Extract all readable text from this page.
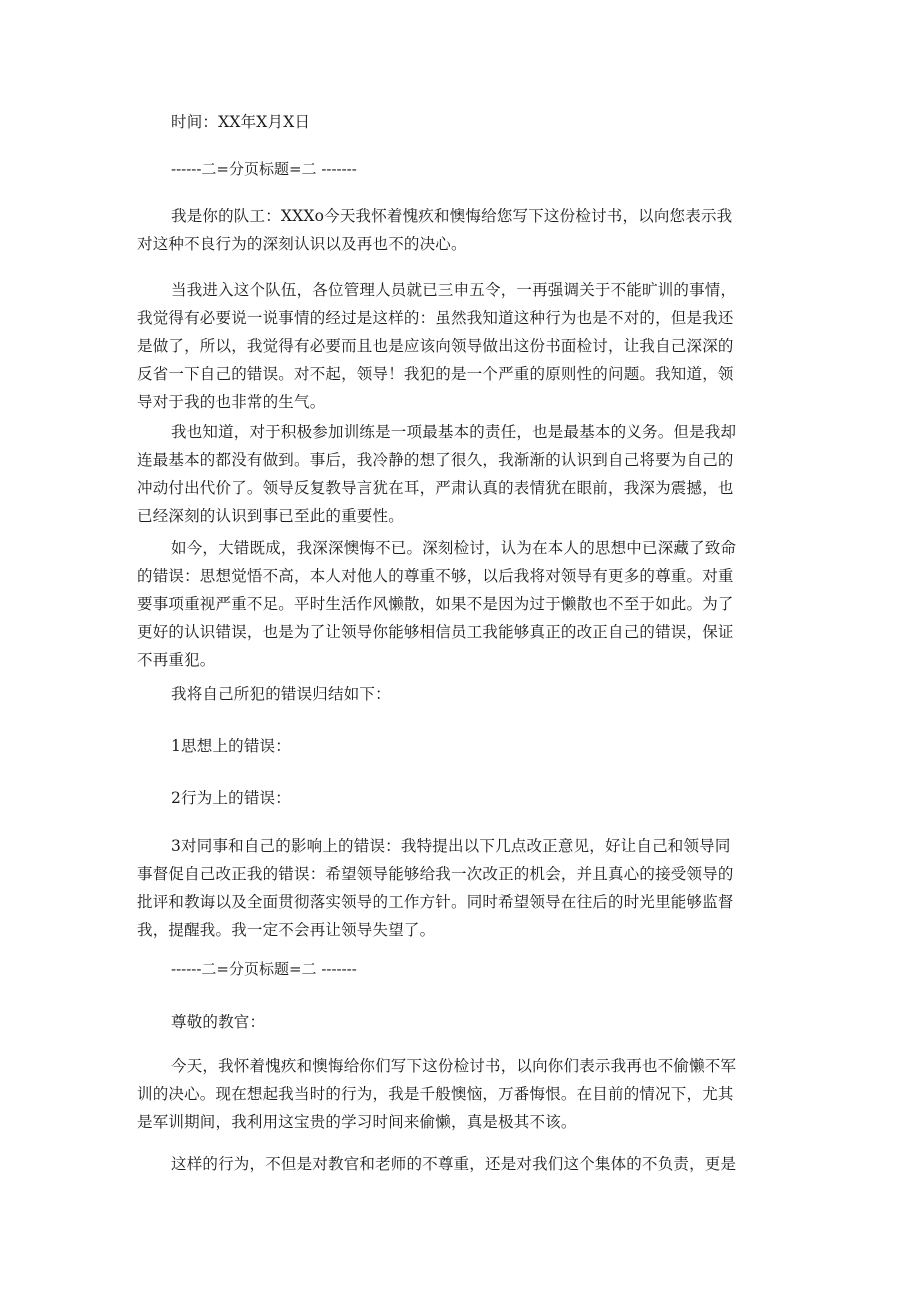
时间：XX年X月X日
------二=分页标题=二 -------
我是你的队工：XXXo今天我怀着愧疚和懊悔给您写下这份检讨书，以向您表示我
对这种不良行为的深刻认识以及再也不的决心。
当我进入这个队伍，各位管理人员就已三申五令，一再强调关于不能旷训的事情，
我觉得有必要说一说事情的经过是这样的：虽然我知道这种行为也是不对的，但是我还
是做了，所以，我觉得有必要而且也是应该向领导做出这份书面检讨，让我自己深深的
反省一下自己的错误。对不起，领导！我犯的是一个严重的原则性的问题。我知道，领
导对于我的也非常的生气。
我也知道，对于积极参加训练是一项最基本的责任，也是最基本的义务。但是我却
连最基本的都没有做到。事后，我冷静的想了很久，我渐渐的认识到自己将要为自己的
冲动付出代价了。领导反复教导言犹在耳，严肃认真的表情犹在眼前，我深为震撼，也
已经深刻的认识到事已至此的重要性。
如今，大错既成，我深深懊悔不已。深刻检讨，认为在本人的思想中已深藏了致命
的错误：思想觉悟不高，本人对他人的尊重不够，以后我将对领导有更多的尊重。对重
要事项重视严重不足。平时生活作风懒散，如果不是因为过于懒散也不至于如此。为了
更好的认识错误，也是为了让领导你能够相信员工我能够真正的改正自己的错误，保证
不再重犯。
我将自己所犯的错误归结如下：
1思想上的错误：
2行为上的错误：
3对同事和自己的影响上的错误：我特提出以下几点改正意见，好让自己和领导同
事督促自己改正我的错误：希望领导能够给我一次改正的机会，并且真心的接受领导的
批评和教诲以及全面贯彻落实领导的工作方针。同时希望领导在往后的时光里能够监督
我，提醒我。我一定不会再让领导失望了。
------二=分页标题=二 -------
尊敬的教官：
今天，我怀着愧疚和懊悔给你们写下这份检讨书，以向你们表示我再也不偷懒不军
训的决心。现在想起我当时的行为，我是千般懊恼，万番悔恨。在目前的情况下，尤其
是军训期间，我利用这宝贵的学习时间来偷懒，真是极其不该。
这样的行为，不但是对教官和老师的不尊重，还是对我们这个集体的不负责，更是
